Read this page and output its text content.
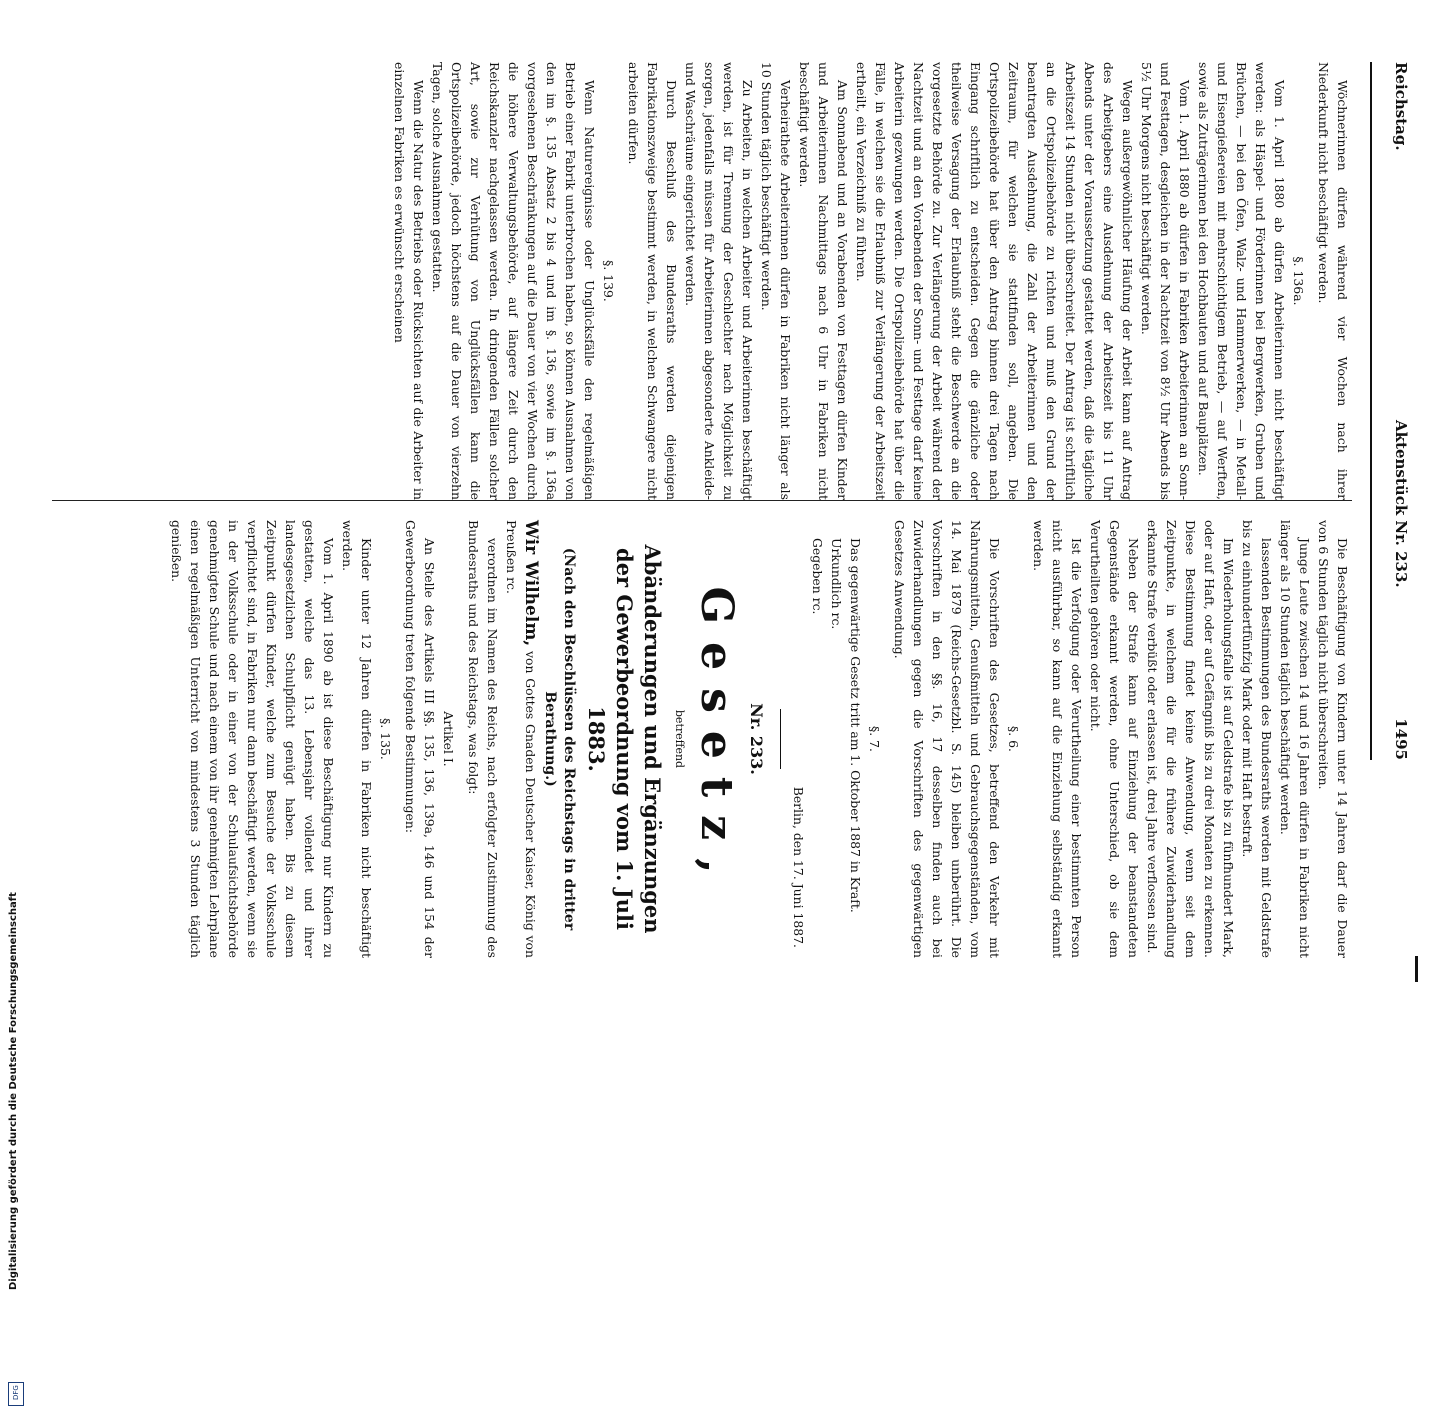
Reichstag.
Aktenstück Nr. 233.
1495

Wöchnerinnen dürfen während vier Wochen nach ihrer Niederkunft nicht beschäftigt werden.

§. 136a.

Vom 1. April 1880 ab dürfen Arbeiterinnen nicht beschäftigt werden: als Häspel- und Förderinnen bei Bergwerken, Gruben und Brüchen, — bei den Öfen, Walz- und Hammerwerken, — in Metall- und Eisengießereien mit mehrschichtigem Betrieb, — auf Werften, sowie als Zuträgerinnen bei den Hochbauten und auf Bauplätzen.

Vom 1. April 1880 ab dürfen in Fabriken Arbeiterinnen an Sonn- und Festtagen, desgleichen in der Nachtzeit von 8½ Uhr Abends bis 5½ Uhr Morgens nicht beschäftigt werden.

Wegen außergewöhnlicher Häufung der Arbeit kann auf Antrag des Arbeitgebers eine Ausdehnung der Arbeitszeit bis 11 Uhr Abends unter der Voraussetzung gestattet werden, daß die tägliche Arbeitszeit 14 Stunden nicht überschreitet. Der Antrag ist schriftlich an die Ortspolizeibehörde zu richten und muß den Grund der beantragten Ausdehnung, die Zahl der Arbeiterinnen und den Zeitraum, für welchen sie stattfinden soll, angeben. Die Ortspolizeibehörde hat über den Antrag binnen drei Tagen nach Eingang schriftlich zu entscheiden. Gegen die gänzliche oder theilweise Versagung der Erlaubniß steht die Beschwerde an die vorgesetzte Behörde zu. Zur Verlängerung der Arbeit während der Nachtzeit und an den Vorabenden der Sonn- und Festtage darf keine Arbeiterin gezwungen werden. Die Ortspolizeibehörde hat über die Fälle, in welchen sie die Erlaubniß zur Verlängerung der Arbeitszeit ertheilt, ein Verzeichniß zu führen.

Am Sonnabend und an Vorabenden von Festtagen dürfen Kinder und Arbeiterinnen Nachmittags nach 6 Uhr in Fabriken nicht beschäftigt werden.

Verheirathete Arbeiterinnen dürfen in Fabriken nicht länger als 10 Stunden täglich beschäftigt werden.

Zu Arbeiten, in welchen Arbeiter und Arbeiterinnen beschäftigt werden, ist für Trennung der Geschlechter nach Möglichkeit zu sorgen, jedenfalls müssen für Arbeiterinnen abgesonderte Ankleide- und Waschräume eingerichtet werden.

Durch Beschluß des Bundesraths werden diejenigen Fabrikationszweige bestimmt werden, in welchen Schwangere nicht arbeiten dürfen.

§. 139.

Wenn Naturereignisse oder Unglücksfälle den regelmäßigen Betrieb einer Fabrik unterbrochen haben, so können Ausnahmen von den im §. 135 Absatz 2 bis 4 und im §. 136, sowie im §. 136a vorgesehenen Beschränkungen auf die Dauer von vier Wochen durch die höhere Verwaltungsbehörde, auf längere Zeit durch den Reichskanzler nachgelassen werden. In dringenden Fällen solcher Art, sowie zur Verhütung von Unglücksfällen kann die Ortspolizeibehörde, jedoch höchstens auf die Dauer von vierzehn Tagen, solche Ausnahmen gestatten.

Wenn die Natur des Betriebs oder Rücksichten auf die Arbeiter in einzelnen Fabriken es erwünscht erscheinen

Die Beschäftigung von Kindern unter 14 Jahren darf die Dauer von 6 Stunden täglich nicht überschreiten.

Junge Leute zwischen 14 und 16 Jahren dürfen in Fabriken nicht länger als 10 Stunden täglich beschäftigt werden.

lassenden Bestimmungen des Bundesraths werden mit Geldstrafe bis zu einhundertfünfzig Mark oder mit Haft bestraft.

Im Wiederholungsfalle ist auf Geldstrafe bis zu fünfhundert Mark, oder auf Haft, oder auf Gefängniß bis zu drei Monaten zu erkennen. Diese Bestimmung findet keine Anwendung, wenn seit dem Zeitpunkte, in welchem die für die frühere Zuwiderhandlung erkannte Strafe verbüßt oder erlassen ist, drei Jahre verflossen sind.

Neben der Strafe kann auf Einziehung der beanstandeten Gegenstände erkannt werden, ohne Unterschied, ob sie dem Verurtheilten gehören oder nicht.

Ist die Verfolgung oder Verurtheilung einer bestimmten Person nicht ausführbar, so kann auf die Einziehung selbständig erkannt werden.

§. 6.

Die Vorschriften des Gesetzes, betreffend den Verkehr mit Nahrungsmitteln, Genußmitteln und Gebrauchsgegenständen, vom 14. Mai 1879 (Reichs-Gesetzbl. S. 145) bleiben unberührt. Die Vorschriften in den §§. 16, 17 desselben finden auch bei Zuwiderhandlungen gegen die Vorschriften des gegenwärtigen Gesetzes Anwendung.

§. 7.

Das gegenwärtige Gesetz tritt am 1. Oktober 1887 in Kraft.

Urkundlich rc.

Gegeben rc.

Berlin, den 17. Juni 1887.

Nr. 233.

Gesetz,

betreffend

Abänderungen und Ergänzungen der Gewerbeordnung vom 1. Juli 1883.

(Nach den Beschlüssen des Reichstags in dritter Berathung.)

Wir Wilhelm, von Gottes Gnaden Deutscher Kaiser, König von Preußen rc.

verordnen im Namen des Reichs, nach erfolgter Zustimmung des Bundesraths und des Reichstags, was folgt:

Artikel I.

An Stelle des Artikels III §§. 135, 136, 139a, 146 und 154 der Gewerbeordnung treten folgende Bestimmungen:

§. 135.

Kinder unter 12 Jahren dürfen in Fabriken nicht beschäftigt werden.

Vom 1. April 1890 ab ist diese Beschäftigung nur Kindern zu gestatten, welche das 13. Lebensjahr vollendet und ihrer landesgesetzlichen Schulpflicht genügt haben. Bis zu diesem Zeitpunkt dürfen Kinder, welche zum Besuche der Volksschule verpflichtet sind, in Fabriken nur dann beschäftigt werden, wenn sie in der Volksschule oder in einer von der Schulaufsichtsbehörde genehmigten Schule und nach einem von ihr genehmigten Lehrplane einen regelmäßigen Unterricht von mindestens 3 Stunden täglich genießen.

Digitalisierung gefördert durch die Deutsche Forschungsgemeinschaft
DFG
